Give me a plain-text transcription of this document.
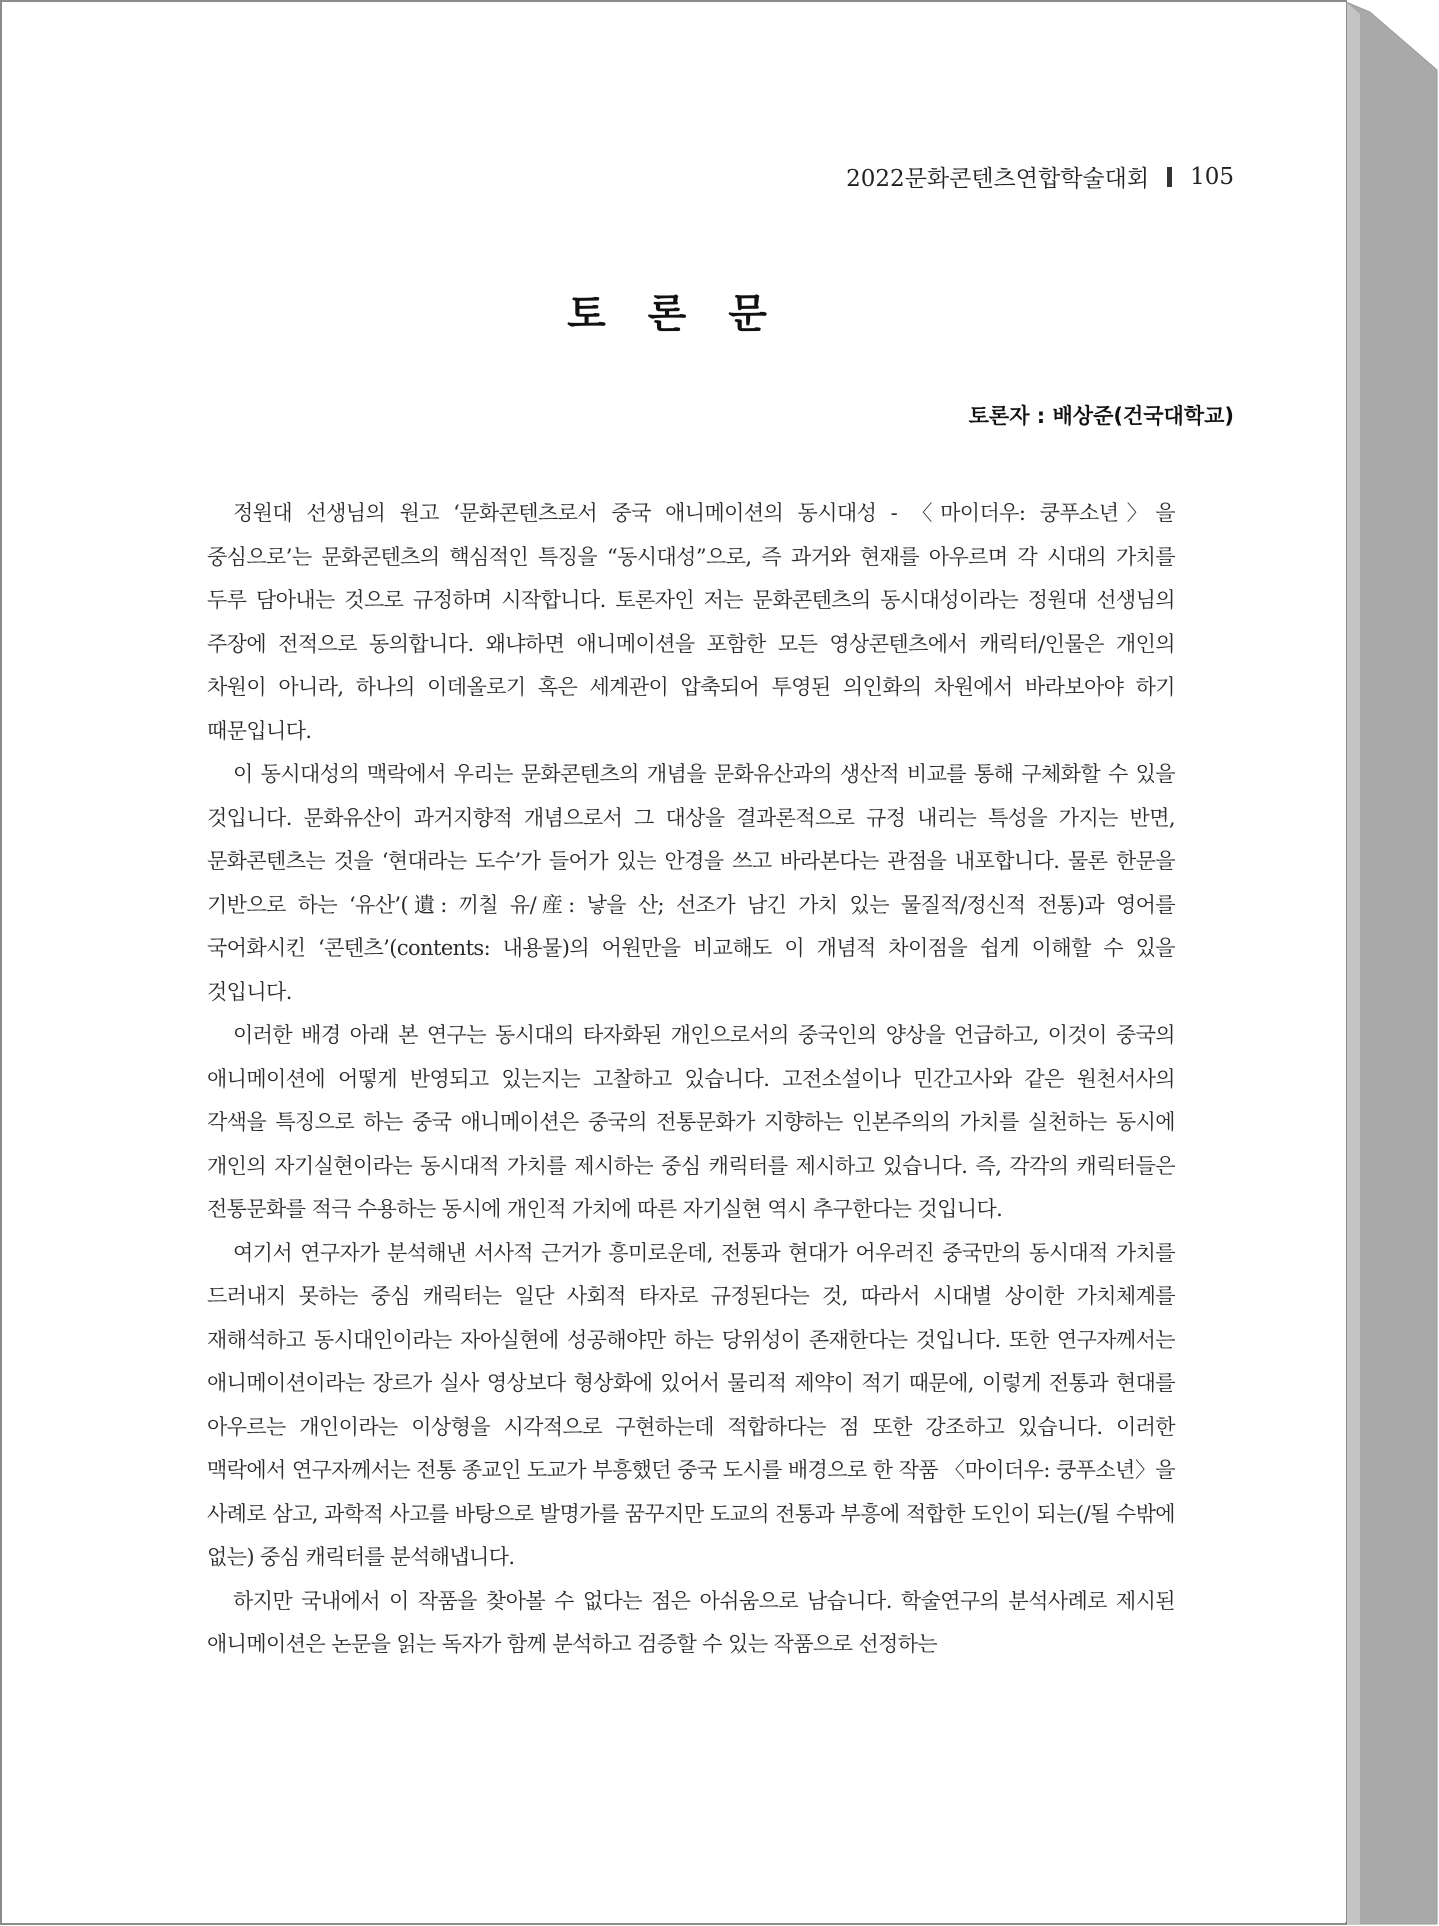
2022문화콘텐츠연합학술대회 105
토 론 문
토론자 : 배상준(건국대학교)

정원대 선생님의 원고 ‘문화콘텐츠로서 중국 애니메이션의 동시대성 - 〈마이더우: 쿵푸소년〉을 중심으로’는 문화콘텐츠의 핵심적인 특징을 “동시대성”으로, 즉 과거와 현재를 아우르며 각 시대의 가치를 두루 담아내는 것으로 규정하며 시작합니다. 토론자인 저는 문화콘텐츠의 동시대성이라는 정원대 선생님의 주장에 전적으로 동의합니다. 왜냐하면 애니메이션을 포함한 모든 영상콘텐츠에서 캐릭터/인물은 개인의 차원이 아니라, 하나의 이데올로기 혹은 세계관이 압축되어 투영된 의인화의 차원에서 바라보아야 하기 때문입니다.

이 동시대성의 맥락에서 우리는 문화콘텐츠의 개념을 문화유산과의 생산적 비교를 통해 구체화할 수 있을 것입니다. 문화유산이 과거지향적 개념으로서 그 대상을 결과론적으로 규정 내리는 특성을 가지는 반면, 문화콘텐츠는 것을 ‘현대라는 도수’가 들어가 있는 안경을 쓰고 바라본다는 관점을 내포합니다. 물론 한문을 기반으로 하는 ‘유산’(遺: 끼칠 유/産: 낳을 산; 선조가 남긴 가치 있는 물질적/정신적 전통)과 영어를 국어화시킨 ‘콘텐츠’(contents: 내용물)의 어원만을 비교해도 이 개념적 차이점을 쉽게 이해할 수 있을 것입니다.

이러한 배경 아래 본 연구는 동시대의 타자화된 개인으로서의 중국인의 양상을 언급하고, 이것이 중국의 애니메이션에 어떻게 반영되고 있는지는 고찰하고 있습니다. 고전소설이나 민간고사와 같은 원천서사의 각색을 특징으로 하는 중국 애니메이션은 중국의 전통문화가 지향하는 인본주의의 가치를 실천하는 동시에 개인의 자기실현이라는 동시대적 가치를 제시하는 중심 캐릭터를 제시하고 있습니다. 즉, 각각의 캐릭터들은 전통문화를 적극 수용하는 동시에 개인적 가치에 따른 자기실현 역시 추구한다는 것입니다.

여기서 연구자가 분석해낸 서사적 근거가 흥미로운데, 전통과 현대가 어우러진 중국만의 동시대적 가치를 드러내지 못하는 중심 캐릭터는 일단 사회적 타자로 규정된다는 것, 따라서 시대별 상이한 가치체계를 재해석하고 동시대인이라는 자아실현에 성공해야만 하는 당위성이 존재한다는 것입니다. 또한 연구자께서는 애니메이션이라는 장르가 실사 영상보다 형상화에 있어서 물리적 제약이 적기 때문에, 이렇게 전통과 현대를 아우르는 개인이라는 이상형을 시각적으로 구현하는데 적합하다는 점 또한 강조하고 있습니다. 이러한 맥락에서 연구자께서는 전통 종교인 도교가 부흥했던 중국 도시를 배경으로 한 작품 〈마이더우: 쿵푸소년〉을 사례로 삼고, 과학적 사고를 바탕으로 발명가를 꿈꾸지만 도교의 전통과 부흥에 적합한 도인이 되는(/될 수밖에 없는) 중심 캐릭터를 분석해냅니다.

하지만 국내에서 이 작품을 찾아볼 수 없다는 점은 아쉬움으로 남습니다. 학술연구의 분석사례로 제시된 애니메이션은 논문을 읽는 독자가 함께 분석하고 검증할 수 있는 작품으로 선정하는
